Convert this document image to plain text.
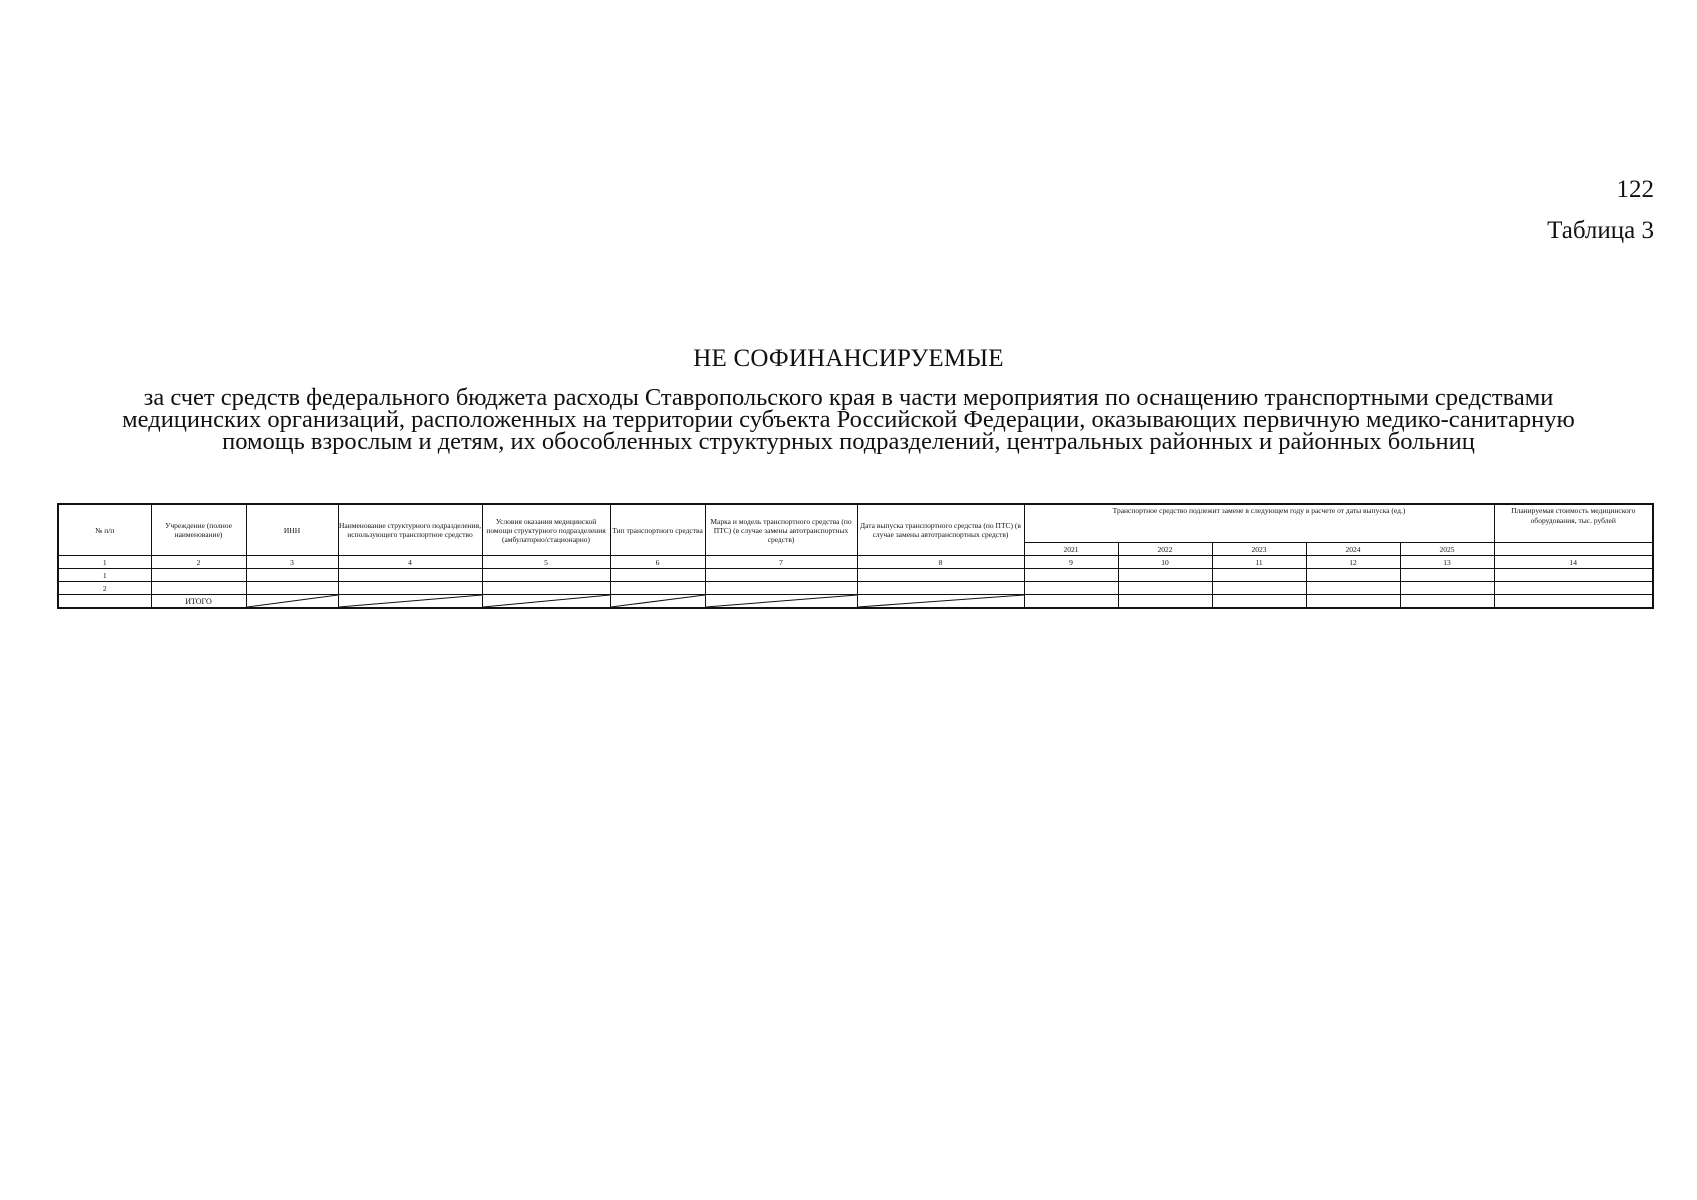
122
Таблица 3
НЕ СОФИНАНСИРУЕМЫЕ
за счет средств федерального бюджета расходы Ставропольского края в части мероприятия по оснащению транспортными средствами
медицинских организаций, расположенных на территории субъекта Российской Федерации, оказывающих первичную медико-санитарную
помощь взрослым и детям, их обособленных структурных подразделений, центральных районных и районных больниц
№ п/п	Учреждение (полное наименование)	ИНН	Наименование структурного подразделения, использующего транспортное средство	Условия оказания медицинской помощи структурного подразделения (амбулаторно/стационарно)	Тип транспортного средства	Марка и модель транспортного средства (по ПТС) (в случае замены автотранспортных средств)	Дата выпуска транспортного средства (по ПТС) (в случае замены автотранспортных средств)	Транспортное средство подлежит замене в следующем году в расчете от даты выпуска (ед.)					Планируемая стоимость медицинского оборудования, тыс. рублей
								2021	2022	2023	2024	2025	
1	2	3	4	5	6	7	8	9	10	11	12	13	14
1													
2													
	ИТОГО	
